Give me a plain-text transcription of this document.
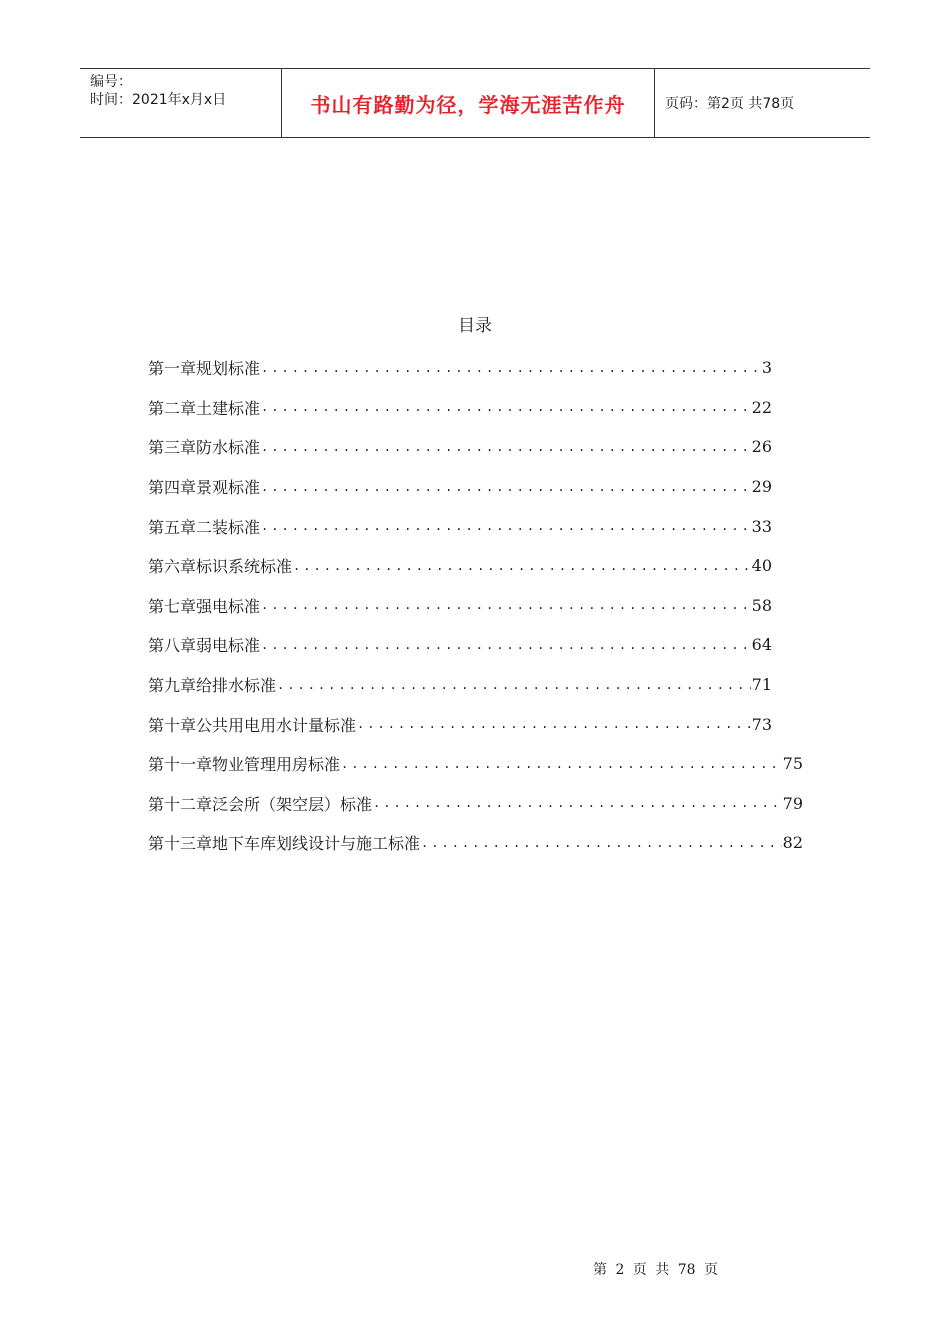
编号：
时间：2021年x月x日	书山有路勤为径，学海无涯苦作舟	页码：第2页 共78页
目录
第一章 规划标准 .....	3
第二章 土建标准 .....	22
第三章 防水标准 .....	26
第四章 景观标准 .....	29
第五章 二装标准 .....	33
第六章 标识系统标准 .....	40
第七章 强电标准 .....	58
第八章 弱电标准 .....	64
第九章 给排水标准 .....	71
第十章 公共用电用水计量标准 .....	73
第十一章 物业管理用房标准 .....	75
第十二章 泛会所（架空层）标准 .....	79
第十三章 地下车库划线设计与施工标准 .....	82
第 2 页 共 78 页
